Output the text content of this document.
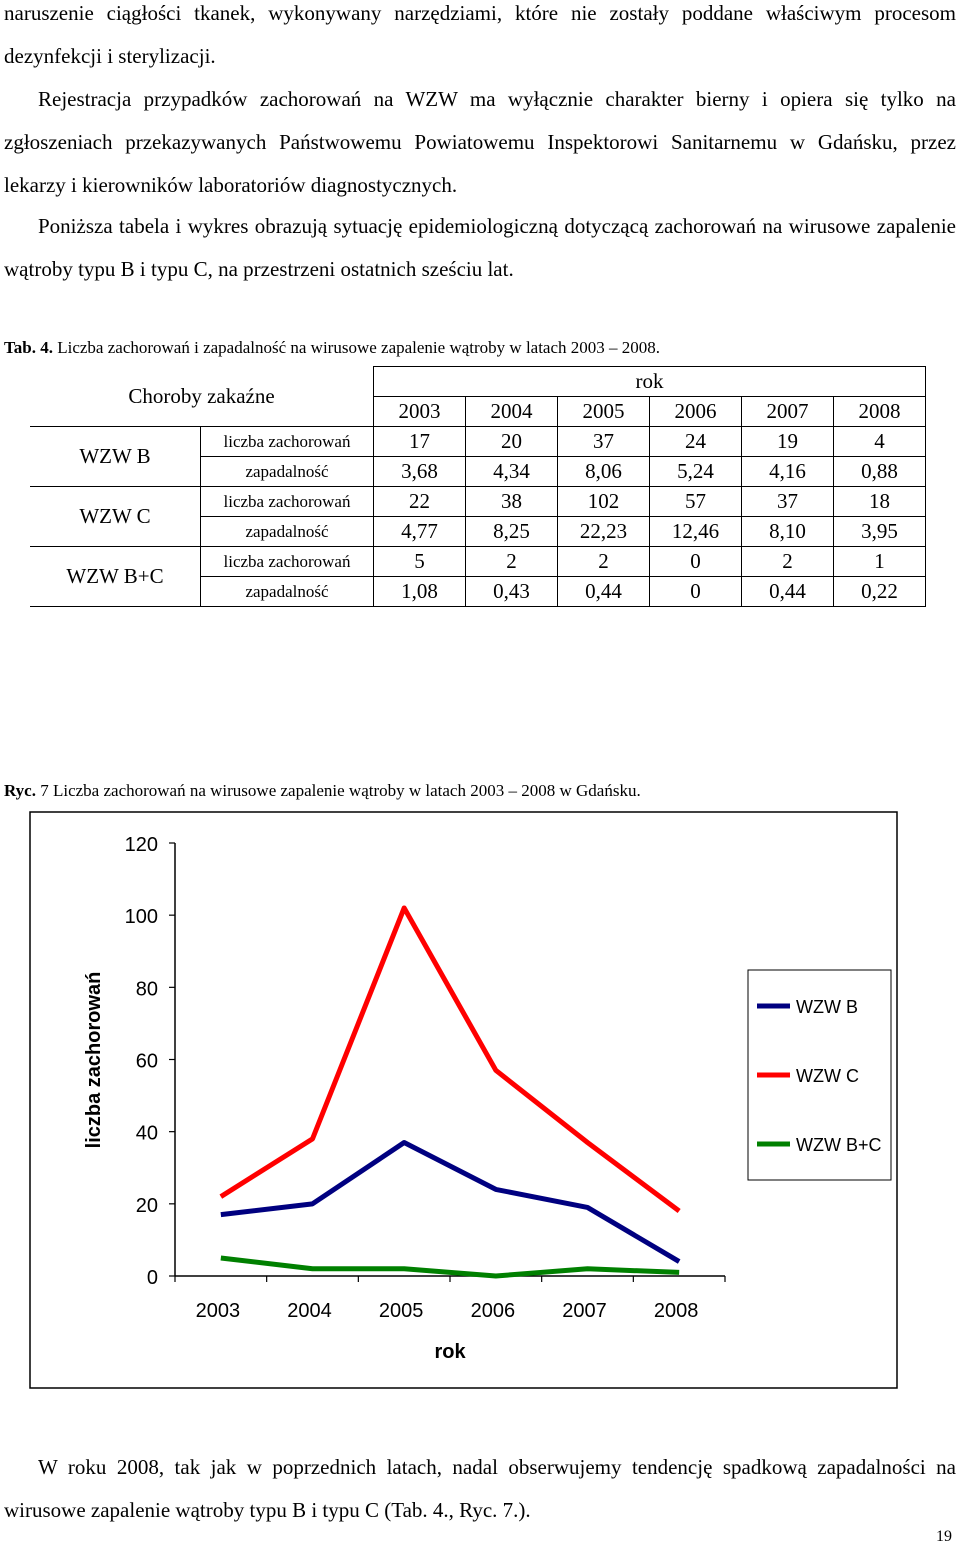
naruszenie ciągłości tkanek, wykonywany narzędziami, które nie zostały poddane właściwym procesom dezynfekcji i sterylizacji.

Rejestracja przypadków zachorowań na WZW ma wyłącznie charakter bierny i opiera się tylko na zgłoszeniach przekazywanych Państwowemu Powiatowemu Inspektorowi Sanitarnemu w Gdańsku, przez lekarzy i kierowników laboratoriów diagnostycznych.

Poniższa tabela i wykres obrazują sytuację epidemiologiczną dotyczącą zachorowań na wirusowe zapalenie wątroby typu B i typu C, na przestrzeni ostatnich sześciu lat.

Tab. 4. Liczba zachorowań i zapadalność na wirusowe zapalenie wątroby w latach 2003 – 2008.
Choroby zakaźne		rok					
		2003	2004	2005	2006	2007	2008
WZW B	liczba zachorowań	17	20	37	24	19	4
	zapadalność	3,68	4,34	8,06	5,24	4,16	0,88
WZW C	liczba zachorowań	22	38	102	57	37	18
	zapadalność	4,77	8,25	22,23	12,46	8,10	3,95
WZW B+C	liczba zachorowań	5	2	2	0	2	1
	zapadalność	1,08	0,43	0,44	0	0,44	0,22
Ryc. 7 Liczba zachorowań na wirusowe zapalenie wątroby w latach 2003 – 2008 w Gdańsku.
0
20
40
60
80
100
120
2003 2004 2005 2006 2007 2008
WZW B
WZW C
WZW B+C
rok
liczba zachorowań

W roku 2008, tak jak w poprzednich latach, nadal obserwujemy tendencję spadkową zapadalności na wirusowe zapalenie wątroby typu B i typu C (Tab. 4., Ryc. 7.).

19
